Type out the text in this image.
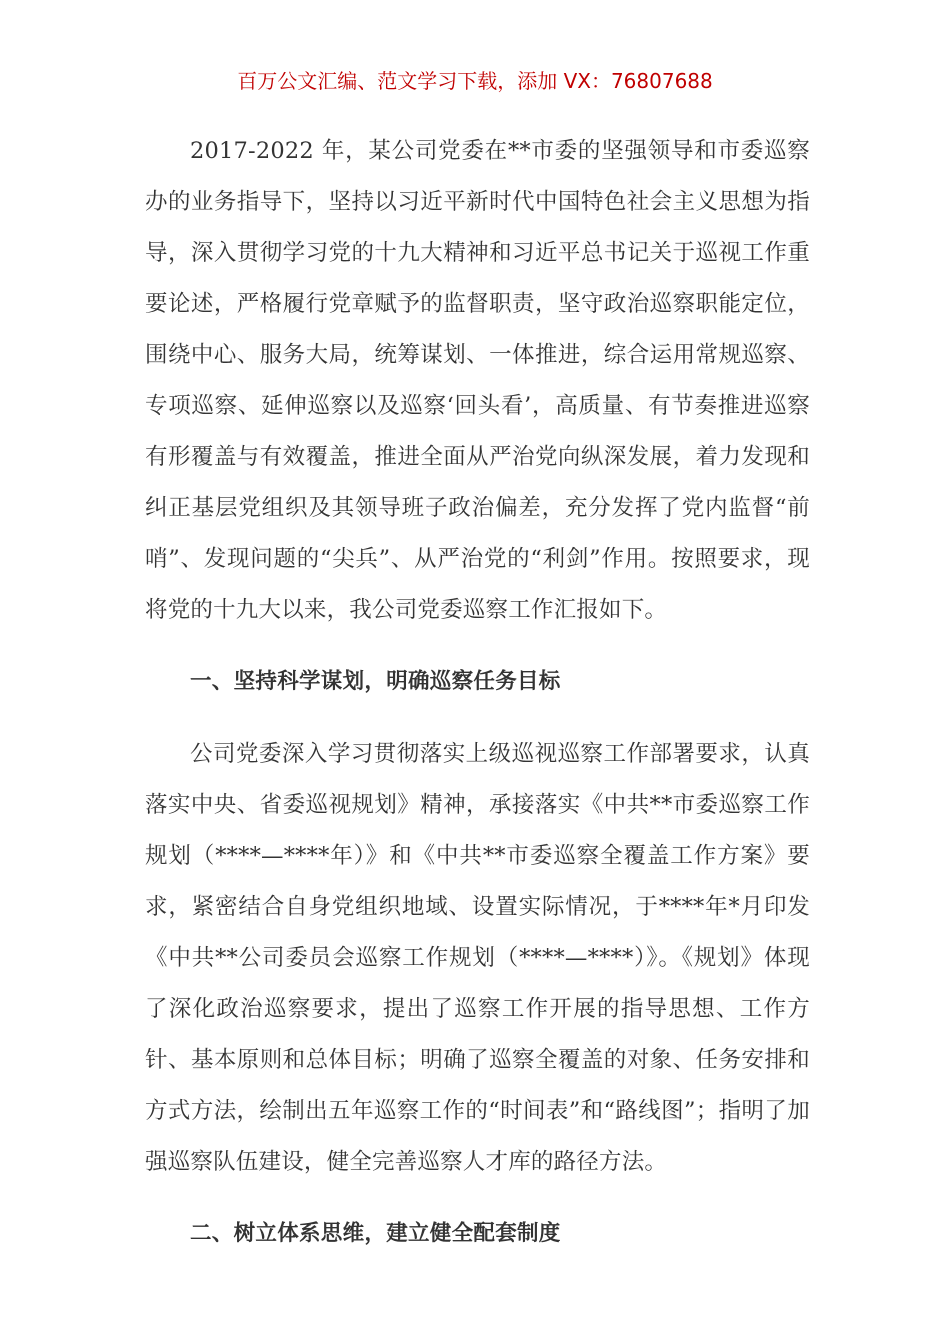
百万公文汇编、范文学习下载，添加 VX：76807688

2017-2022 年，某公司党委在**市委的坚强领导和市委巡察办的业务指导下，坚持以习近平新时代中国特色社会主义思想为指导，深入贯彻学习党的十九大精神和习近平总书记关于巡视工作重要论述，严格履行党章赋予的监督职责，坚守政治巡察职能定位，围绕中心、服务大局，统筹谋划、一体推进，综合运用常规巡察、专项巡察、延伸巡察以及巡察‘回头看’，高质量、有节奏推进巡察有形覆盖与有效覆盖，推进全面从严治党向纵深发展，着力发现和纠正基层党组织及其领导班子政治偏差，充分发挥了党内监督“前哨”、发现问题的“尖兵”、从严治党的“利剑”作用。按照要求，现将党的十九大以来，我公司党委巡察工作汇报如下。

一、坚持科学谋划，明确巡察任务目标

公司党委深入学习贯彻落实上级巡视巡察工作部署要求，认真落实中央、省委巡视规划》精神，承接落实《中共**市委巡察工作规划（****—****年）》和《中共**市委巡察全覆盖工作方案》要求，紧密结合自身党组织地域、设置实际情况，于****年*月印发《中共**公司委员会巡察工作规划（****—****）》。《规划》体现了深化政治巡察要求，提出了巡察工作开展的指导思想、工作方针、基本原则和总体目标；明确了巡察全覆盖的对象、任务安排和方式方法，绘制出五年巡察工作的“时间表”和“路线图”；指明了加强巡察队伍建设，健全完善巡察人才库的路径方法。

二、树立体系思维，建立健全配套制度
